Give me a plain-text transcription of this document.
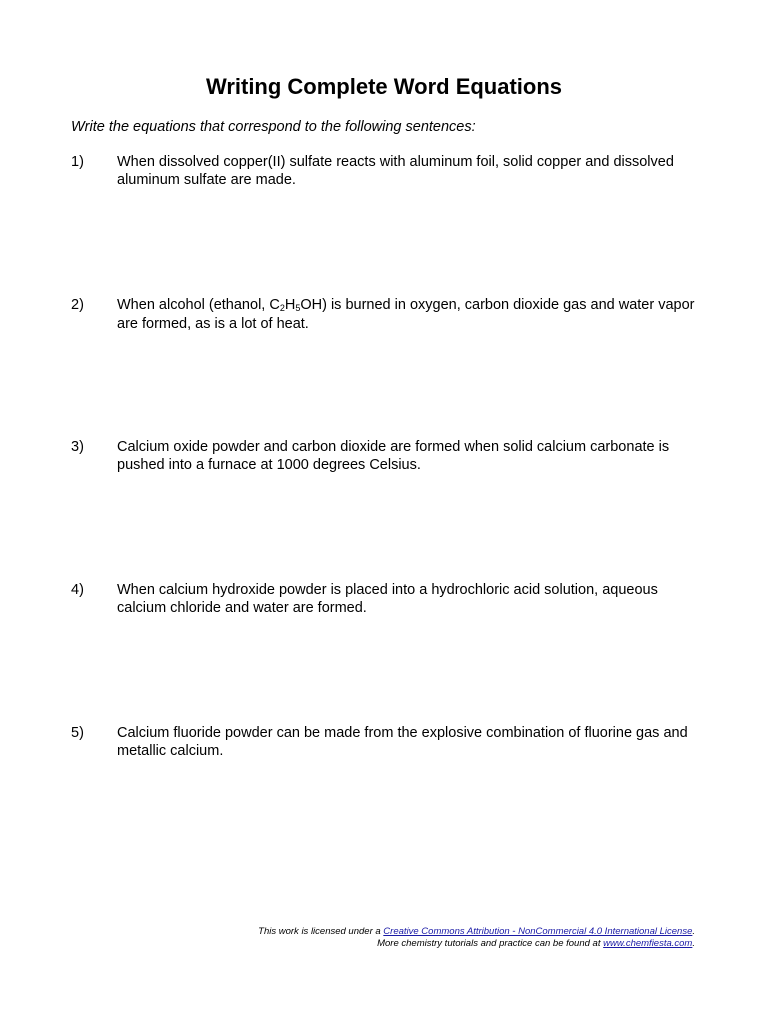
Writing Complete Word Equations

Write the equations that correspond to the following sentences:

1) When dissolved copper(II) sulfate reacts with aluminum foil, solid copper and dissolved aluminum sulfate are made.
2) When alcohol (ethanol, $C_2H_5OH$) is burned in oxygen, carbon dioxide gas and water vapor are formed, as is a lot of heat.
3) Calcium oxide powder and carbon dioxide are formed when solid calcium carbonate is pushed into a furnace at 1000 degrees Celsius.
4) When calcium hydroxide powder is placed into a hydrochloric acid solution, aqueous calcium chloride and water are formed.
5) Calcium fluoride powder can be made from the explosive combination of fluorine gas and metallic calcium.
This work is licensed under a Creative Commons Attribution - NonCommercial 4.0 International License.
More chemistry tutorials and practice can be found at www.chemfiesta.com.
